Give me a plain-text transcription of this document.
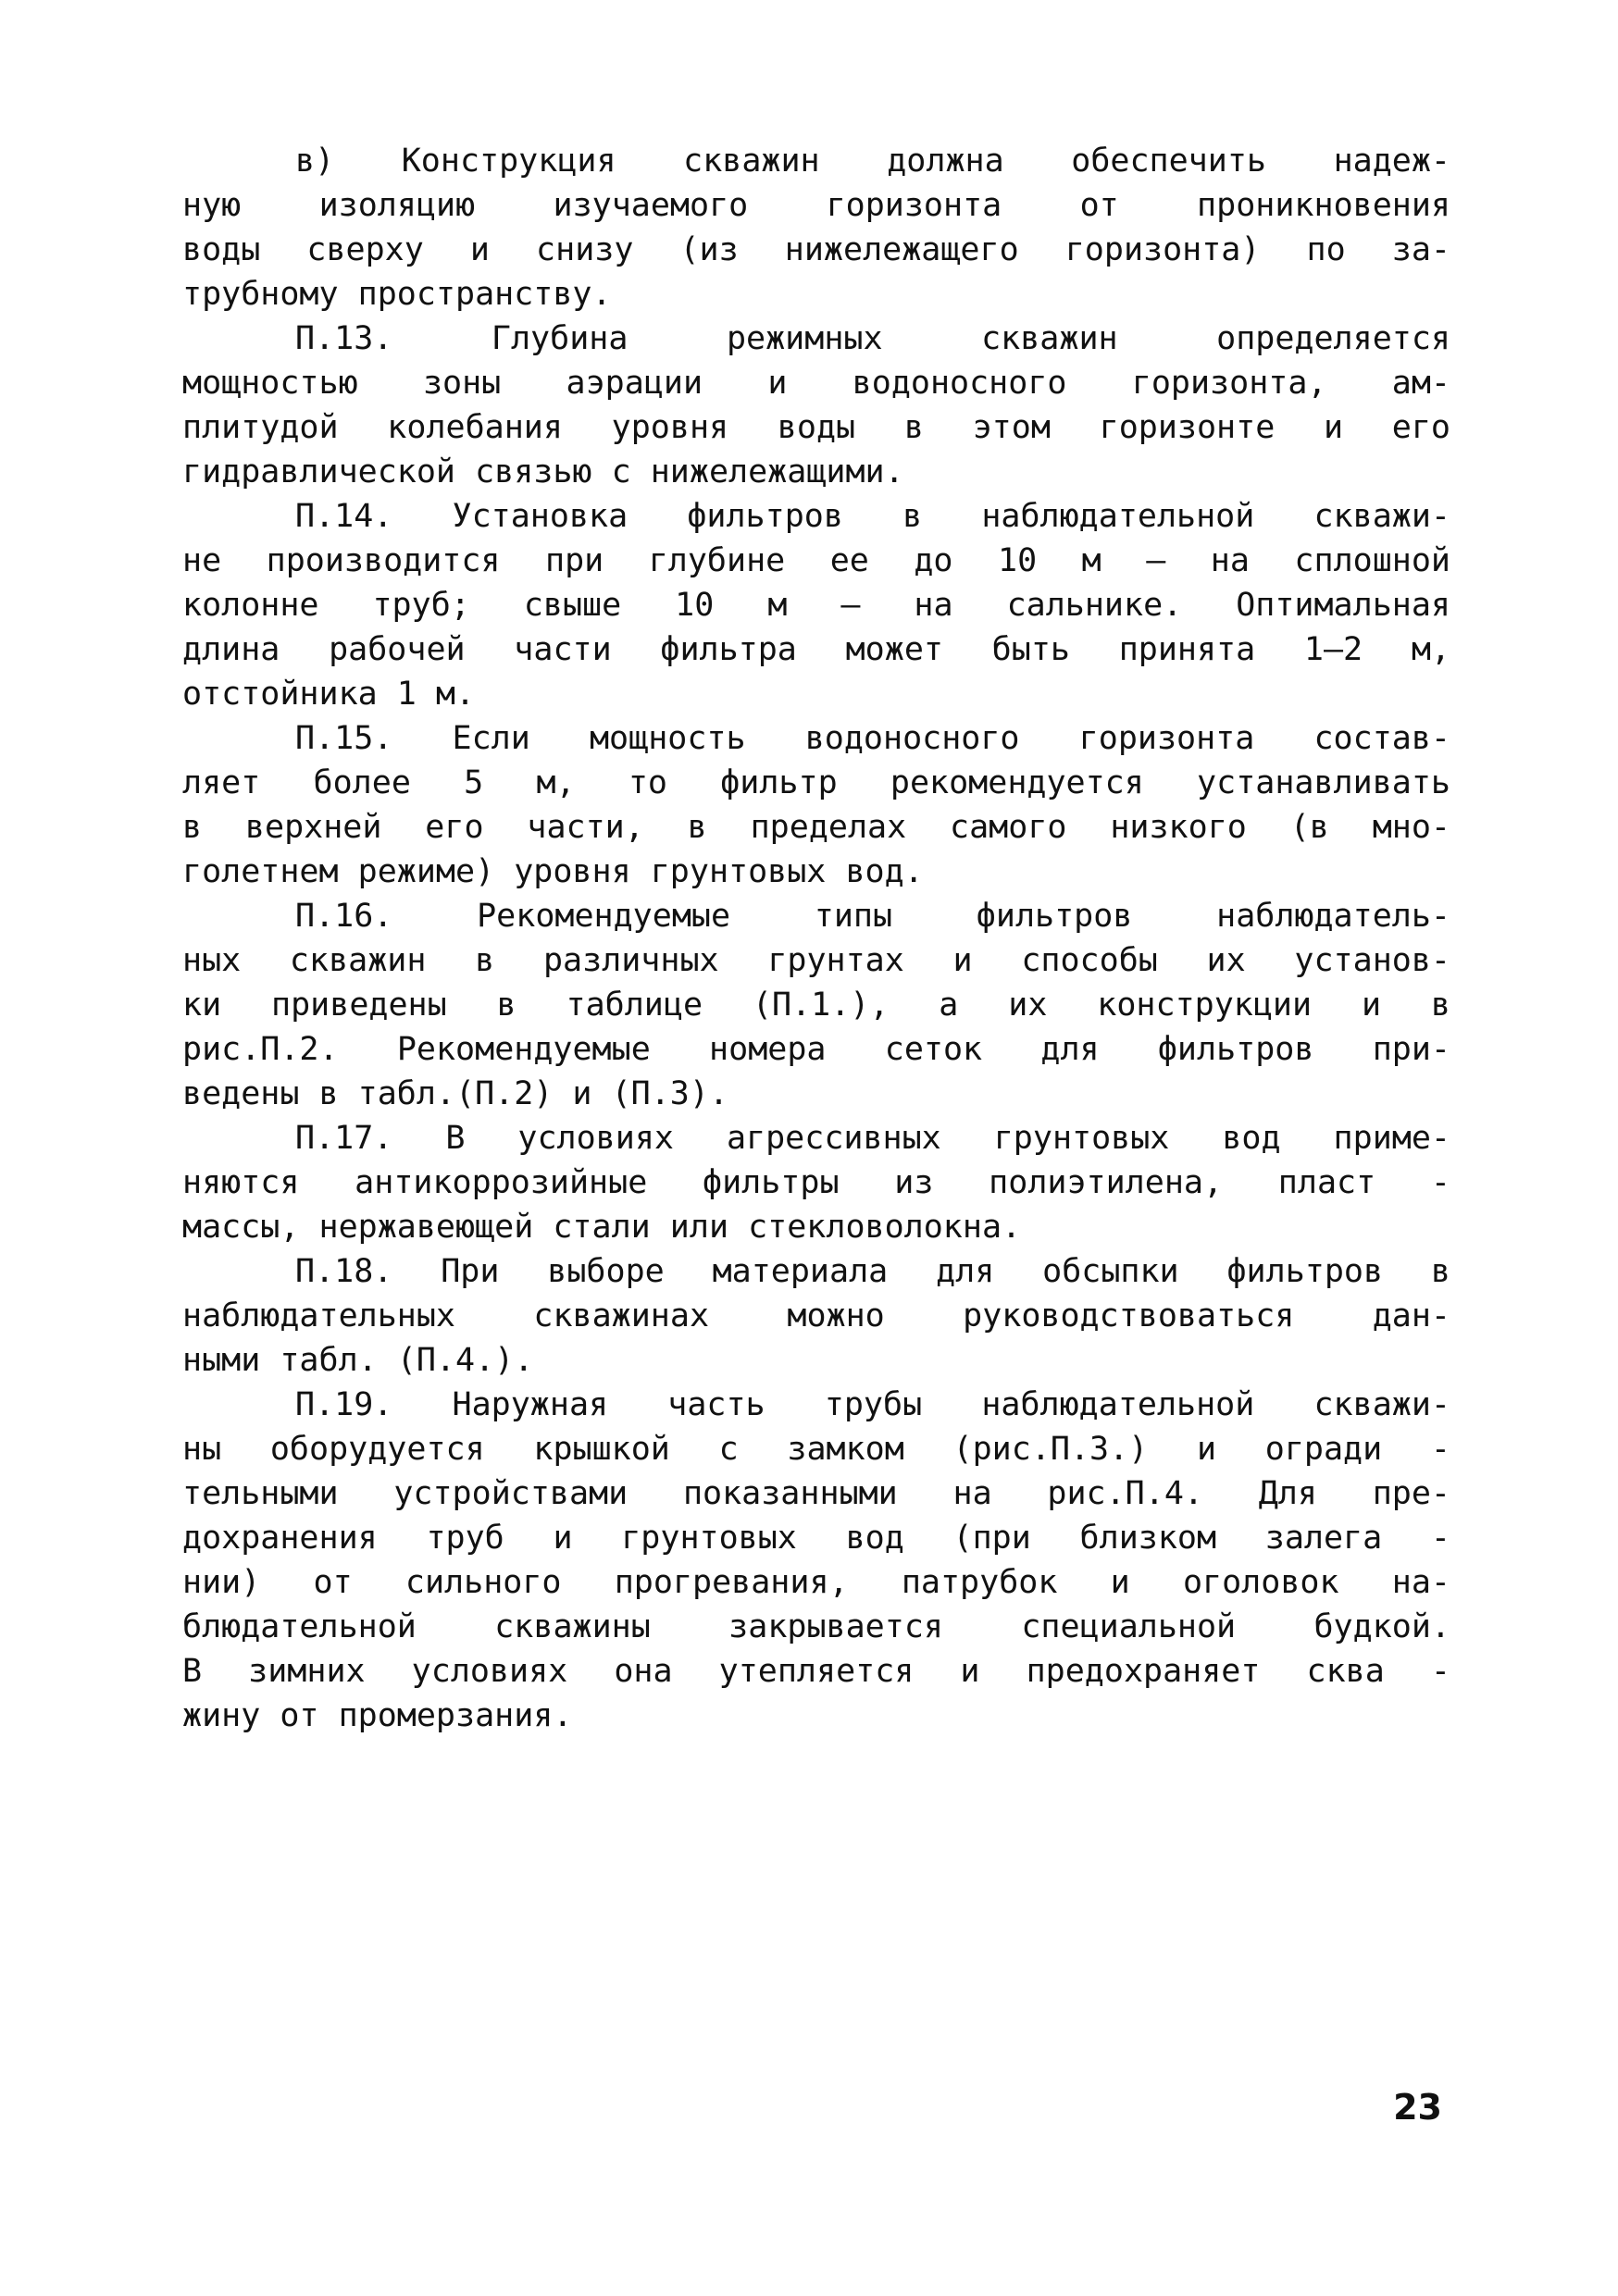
в) Конструкция скважин должна обеспечить надеж-
ную изоляцию изучаемого горизонта от проникновения
воды сверху и снизу (из нижележащего горизонта) по за-
трубному пространству.
П.13. Глубина режимных скважин определяется
мощностью зоны аэрации и водоносного горизонта, ам-
плитудой колебания уровня воды в этом горизонте и его
гидравлической связью с нижележащими.
П.14. Установка фильтров в наблюдательной скважи-
не производится при глубине ее до 10 м – на сплошной
колонне труб; свыше 10 м – на сальнике. Оптимальная
длина рабочей части фильтра может быть принята 1–2 м,
отстойника 1 м.
П.15. Если мощность водоносного горизонта состав-
ляет более 5 м, то фильтр рекомендуется устанавливать
в верхней его части, в пределах самого низкого (в мно-
голетнем режиме) уровня грунтовых вод.
П.16. Рекомендуемые типы фильтров наблюдатель-
ных скважин в различных грунтах и способы их установ-
ки приведены в таблице (П.1.), а их конструкции и в
рис.П.2. Рекомендуемые номера сеток для фильтров при-
ведены в табл.(П.2) и (П.3).
П.17. В условиях агрессивных грунтовых вод приме-
няются антикоррозийные фильтры из полиэтилена, пласт -
массы, нержавеющей стали или стекловолокна.
П.18. При выборе материала для обсыпки фильтров в
наблюдательных скважинах можно руководствоваться дан-
ными табл. (П.4.).
П.19. Наружная часть трубы наблюдательной скважи-
ны оборудуется крышкой с замком (рис.П.3.) и огради -
тельными устройствами показанными на рис.П.4. Для пре-
дохранения труб и грунтовых вод (при близком залега -
нии) от сильного прогревания, патрубок и оголовок на-
блюдательной скважины закрывается специальной будкой.
В зимних условиях она утепляется и предохраняет сква -
жину от промерзания.
23
